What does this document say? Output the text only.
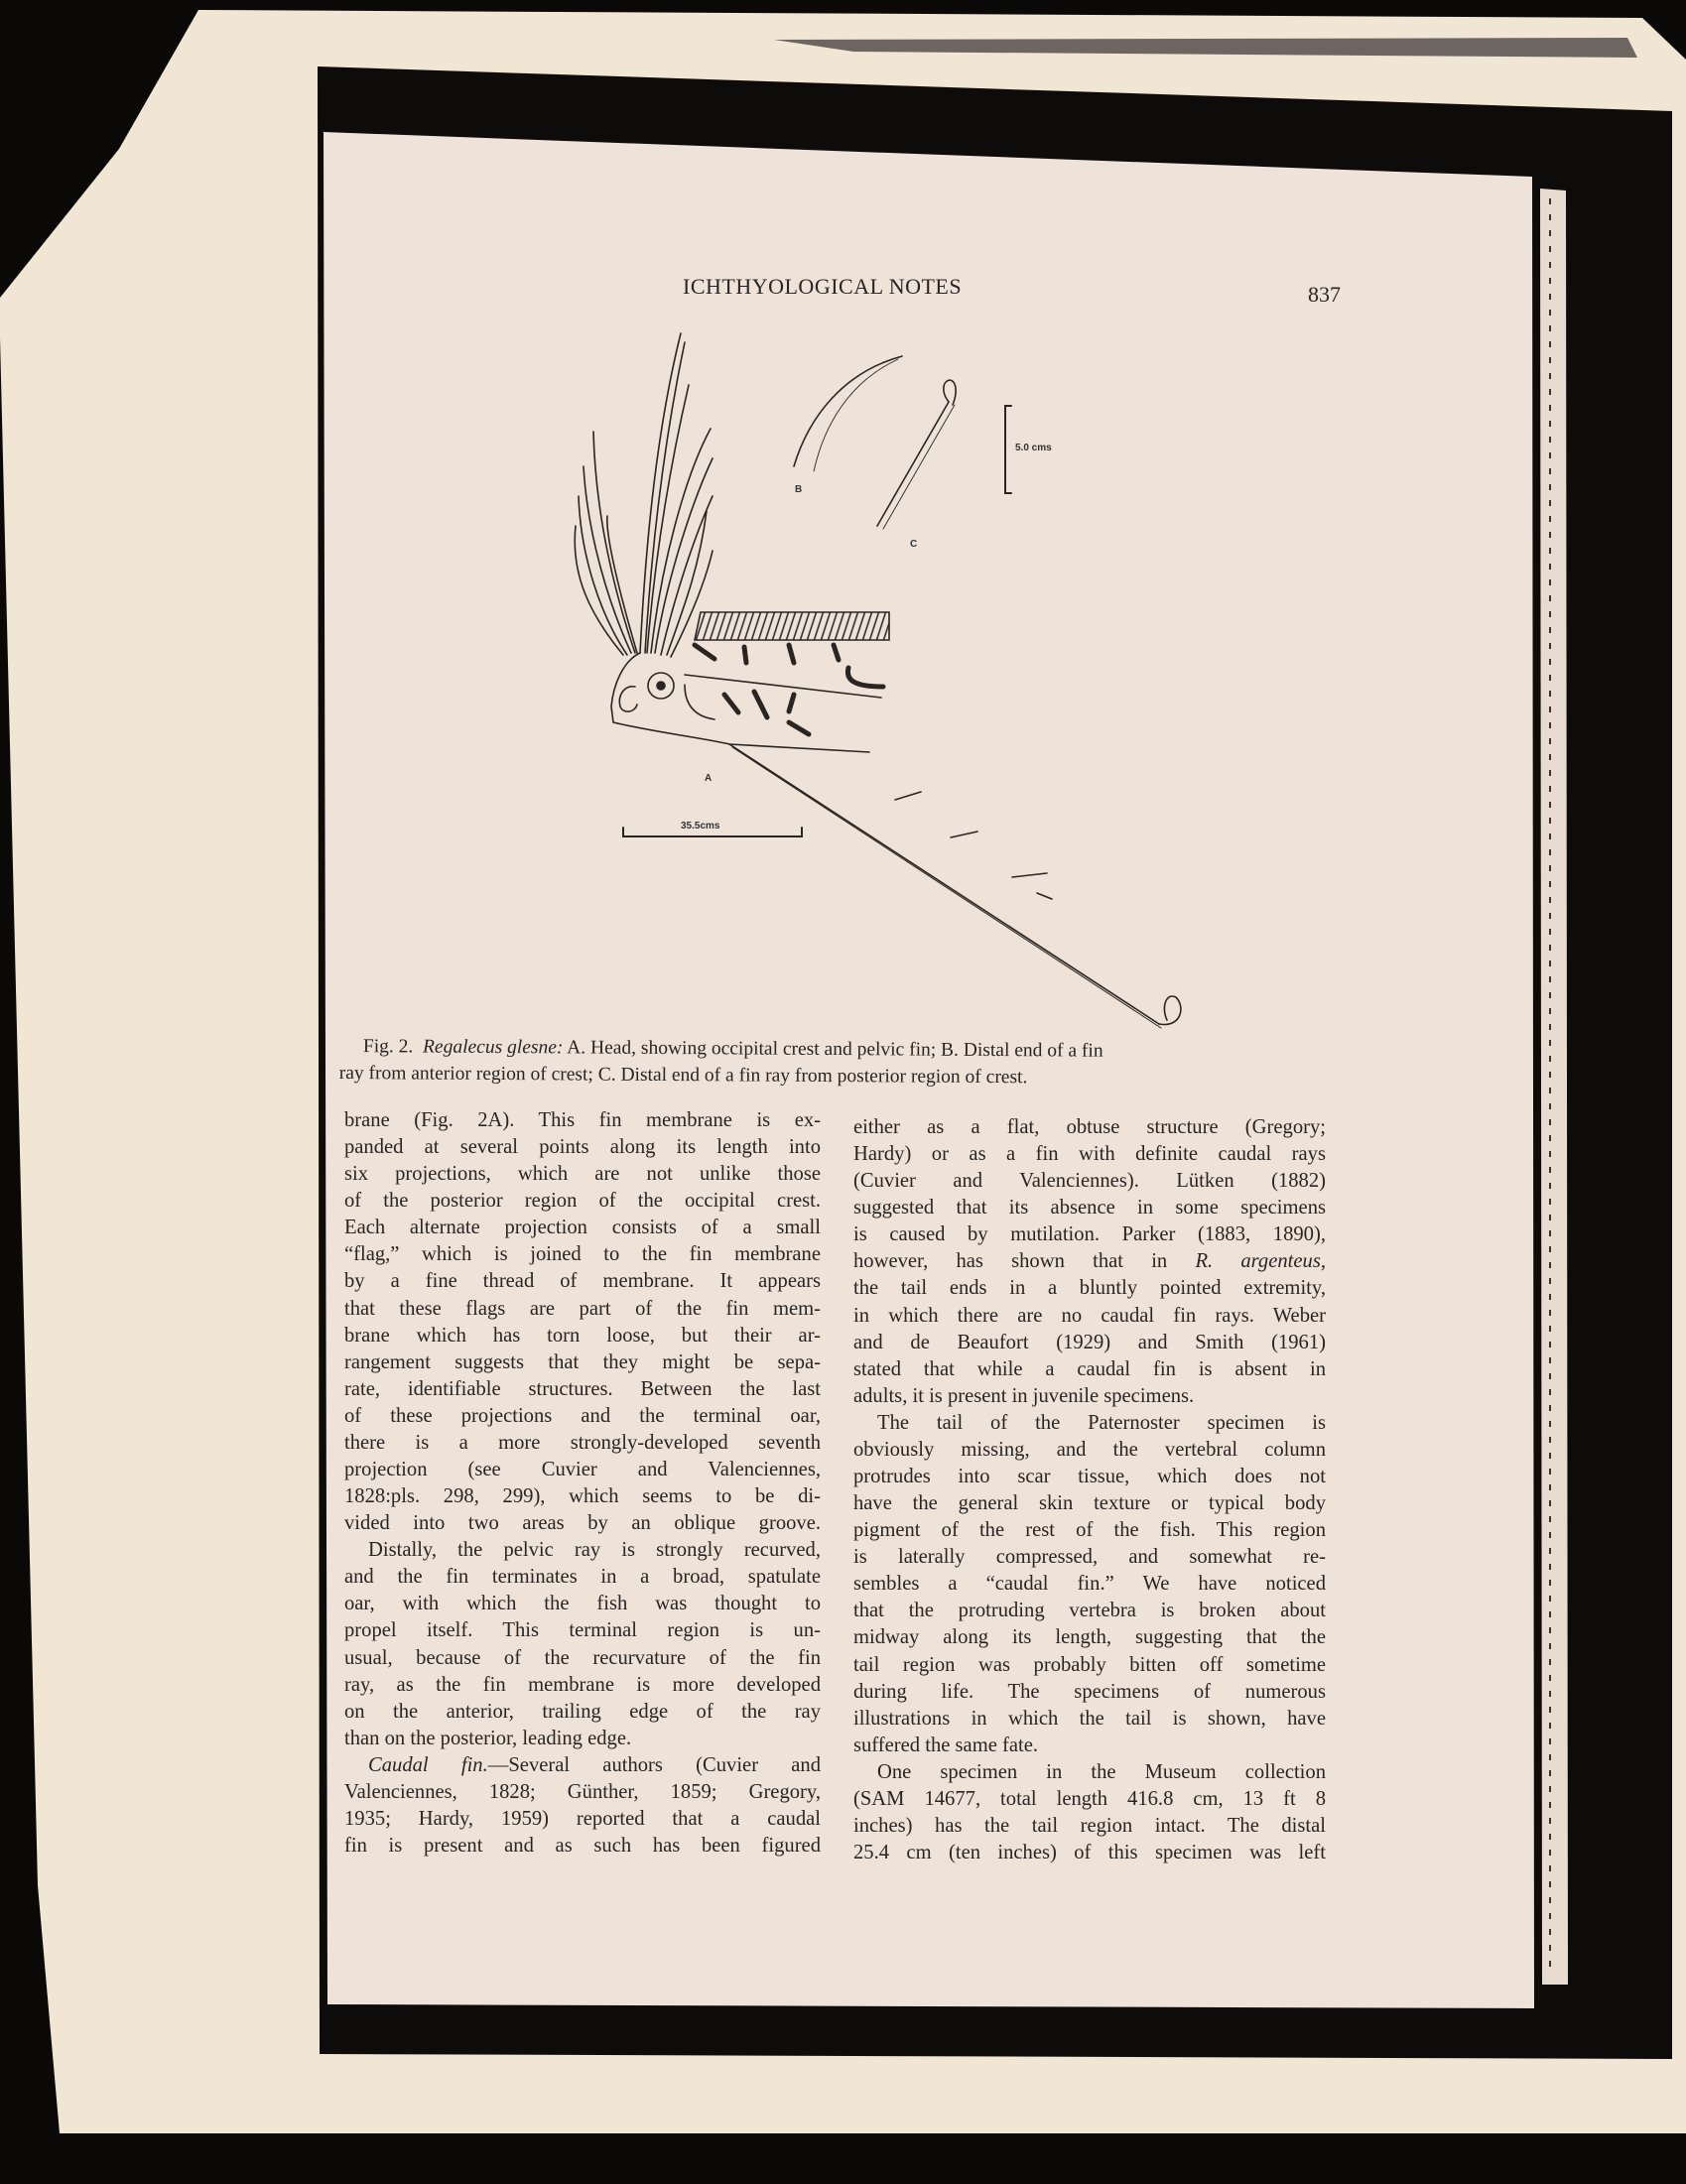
ICHTHYOLOGICAL NOTES	837
B
C
5.0 cms
A
35.5cms
Fig. 2. Regalecus glesne: A. Head, showing occipital crest and pelvic fin; B. Distal end of a fin
ray from anterior region of crest; C. Distal end of a fin ray from posterior region of crest.
brane (Fig. 2A). This fin membrane is ex-
panded at several points along its length into
six projections, which are not unlike those
of the posterior region of the occipital crest.
Each alternate projection consists of a small
“flag,” which is joined to the fin membrane
by a fine thread of membrane. It appears
that these flags are part of the fin mem-
brane which has torn loose, but their ar-
rangement suggests that they might be sepa-
rate, identifiable structures. Between the last
of these projections and the terminal oar,
there is a more strongly-developed seventh
projection (see Cuvier and Valenciennes,
1828:pls. 298, 299), which seems to be di-
vided into two areas by an oblique groove.
Distally, the pelvic ray is strongly recurved,
and the fin terminates in a broad, spatulate
oar, with which the fish was thought to
propel itself. This terminal region is un-
usual, because of the recurvature of the fin
ray, as the fin membrane is more developed
on the anterior, trailing edge of the ray
than on the posterior, leading edge.
Caudal fin.—Several authors (Cuvier and
Valenciennes, 1828; Günther, 1859; Gregory,
1935; Hardy, 1959) reported that a caudal
fin is present and as such has been figured
either as a flat, obtuse structure (Gregory;
Hardy) or as a fin with definite caudal rays
(Cuvier and Valenciennes). Lütken (1882)
suggested that its absence in some specimens
is caused by mutilation. Parker (1883, 1890),
however, has shown that in R. argenteus,
the tail ends in a bluntly pointed extremity,
in which there are no caudal fin rays. Weber
and de Beaufort (1929) and Smith (1961)
stated that while a caudal fin is absent in
adults, it is present in juvenile specimens.
The tail of the Paternoster specimen is
obviously missing, and the vertebral column
protrudes into scar tissue, which does not
have the general skin texture or typical body
pigment of the rest of the fish. This region
is laterally compressed, and somewhat re-
sembles a “caudal fin.” We have noticed
that the protruding vertebra is broken about
midway along its length, suggesting that the
tail region was probably bitten off sometime
during life. The specimens of numerous
illustrations in which the tail is shown, have
suffered the same fate.
One specimen in the Museum collection
(SAM 14677, total length 416.8 cm, 13 ft 8
inches) has the tail region intact. The distal
25.4 cm (ten inches) of this specimen was left
